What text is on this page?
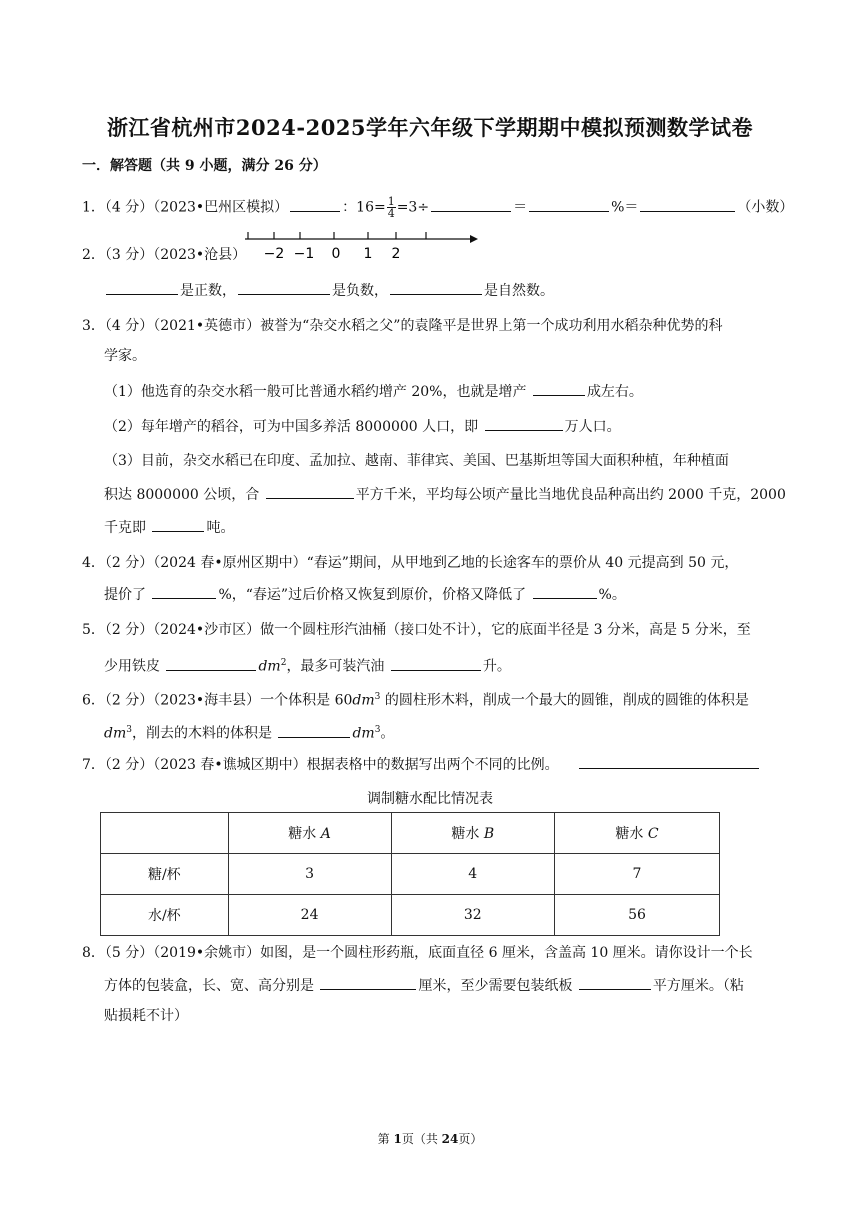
浙江省杭州市2024-2025学年六年级下学期期中模拟预测数学试卷
一．解答题（共 9 小题，满分 26 分）
1．（4 分）（2023•巴州区模拟）	：$16= \frac{1}{4} =3\div$	＝	%＝	（小数）
2．（3 分）（2023•沧县） −2 −1 0 1 2
是正数，	是负数，	是自然数。
3．（4 分）（2021•英德市）被誉为“杂交水稻之父”的袁隆平是世界上第一个成功利用水稻杂种优势的科
学家。
（1）他选育的杂交水稻一般可比普通水稻约增产 20%，也就是增产	成左右。
（2）每年增产的稻谷，可为中国多养活 8000000 人口，即	万人口。
（3）目前，杂交水稻已在印度、孟加拉、越南、菲律宾、美国、巴基斯坦等国大面积种植，年种植面
积达 8000000 公顷，合	平方千米，平均每公顷产量比当地优良品种高出约 2000 千克，2000
千克即	吨。
4．（2 分）（2024 春•原州区期中）“春运”期间，从甲地到乙地的长途客车的票价从 40 元提高到 50 元，
提价了	%，“春运”过后价格又恢复到原价，价格又降低了	%。
5．（2 分）（2024•沙市区）做一个圆柱形汽油桶（接口处不计），它的底面半径是 3 分米，高是 5 分米，至
少用铁皮	$dm^2$，最多可装汽油	升。
6．（2 分）（2023•海丰县）一个体积是 $60dm^3$ 的圆柱形木料，削成一个最大的圆锥，削成的圆锥的体积是
$dm^3$，削去的木料的体积是	$dm^3$。
7．（2 分）（2023 春•谯城区期中）根据表格中的数据写出两个不同的比例。
调制糖水配比情况表
	糖水 A	糖水 B	糖水 C
糖/杯	3	4	7
水/杯	24	32	56
8．（5 分）（2019•余姚市）如图，是一个圆柱形药瓶，底面直径 6 厘米，含盖高 10 厘米。请你设计一个长
方体的包装盒，长、宽、高分别是	厘米，至少需要包装纸板	平方厘米。（粘
贴损耗不计）
第 1页（共 24页）
